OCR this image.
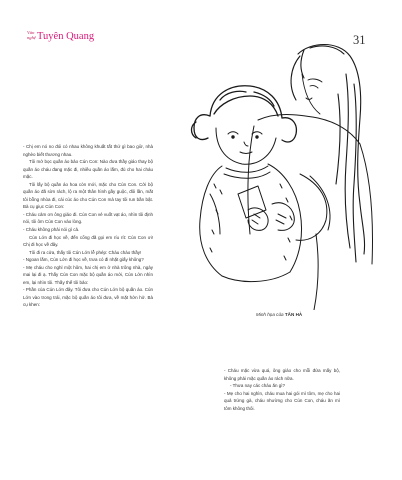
Văn
nghệ Tuyên Quang	31

- Chị em nó no đói có nhau không khuất tất thứ gì bao giờ, nhà nghèo biết thương nhau.

Tôi mở bọc quần áo bảo Cún Con: Nào đưa thầy giáo thay bộ quần áo cháu đang mặc đi, nhiều quần áo lắm, đủ cho hai cháu mặc.

Tôi lấy bộ quần áo hoa còn mới, mặc cho Cún Con. Cởi bộ quần áo đã sờn rách, lộ ra một thân hình gầy guộc, đôi lần, mắt tôi bỗng nhòa đi, cái cúc áo cho Cún Con mà tay tôi run bần bật. Bà cụ giục Cún Con:

- Cháu cảm ơn ông giáo đi. Cún Con vẻ vuốt vạt áo, nhìn tôi định nói, tôi ôm Cún Con vào lòng.

- Cháu không phải nói gì cả.

Cún Lớn đi học về, đến cổng đã gọi em ríu rít: Cún Con ơi! Chị đi học về đây.

Tôi đi ra cửa, thấy tôi Cún Lớn lễ phép: Cháu chào thầy!

- Ngoan lắm, Cún Lớn đi học về, trưa có đi nhặt giấy không?

- Mẹ cháu cho nghỉ một hôm, hai chị em ở nhà trông nhà, ngày mai lại đi ạ. Thấy Cún Con mặc bộ quần áo mới, Cún Lớn nhìn em, lại nhìn tôi. Thầy thế tôi bảo:

- Phần của Cún Lớn đây. Tôi đưa cho Cún Lớn bộ quần áo. Cún Lớn vào trong trái, mặc bộ quần áo tôi đưa, về mặt hớn hở. Bà cụ khen:

Minh họa của TẤN HÀ

- Cháu mặc vừa quá, ông giáo cho mỗi đứa mấy bộ, không phải mặc quần áo rách nữa.

- Thưa nay các cháu ăn gì?

- Mẹ cho hai nghìn, cháu mua hai gói mì tôm, mẹ cho hai quả trứng gà, cháu nhường cho Cún Con, cháu ăn mì tôm không thôi.
